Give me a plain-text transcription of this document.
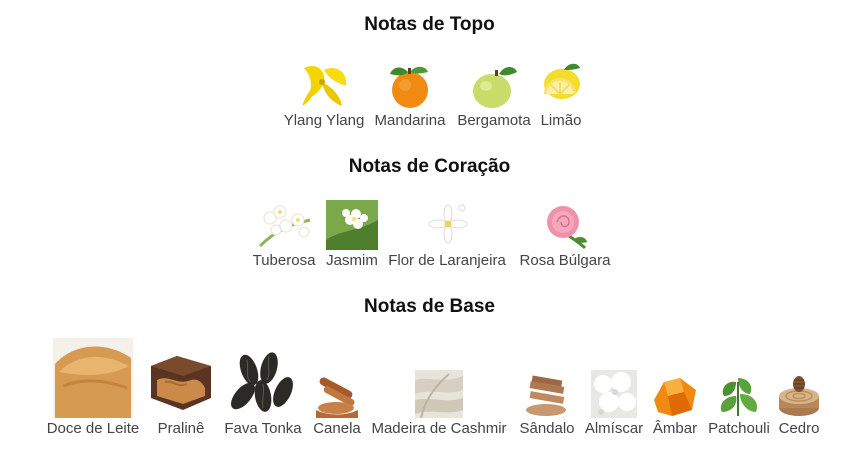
Notas de Topo
Notas de Coração
Notas de Base
Ylang Ylang Mandarina Bergamota Limão
Tuberosa Jasmim Flor de Laranjeira Rosa Búlgara
Doce de Leite	Pralinê	Fava Tonka Canela Madeira de Cashmir Sândalo Almíscar Âmbar Patchouli Cedro
